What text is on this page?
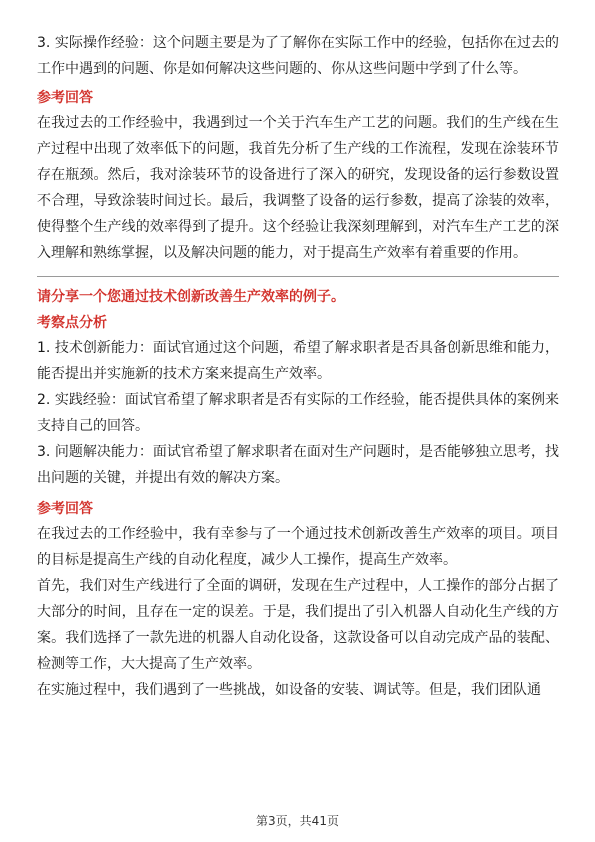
3. 实际操作经验：这个问题主要是为了了解你在实际工作中的经验，包括你在过去的工作中遇到的问题、你是如何解决这些问题的、你从这些问题中学到了什么等。

参考回答

在我过去的工作经验中，我遇到过一个关于汽车生产工艺的问题。我们的生产线在生产过程中出现了效率低下的问题，我首先分析了生产线的工作流程，发现在涂装环节存在瓶颈。然后，我对涂装环节的设备进行了深入的研究，发现设备的运行参数设置不合理，导致涂装时间过长。最后，我调整了设备的运行参数，提高了涂装的效率，使得整个生产线的效率得到了提升。这个经验让我深刻理解到，对汽车生产工艺的深入理解和熟练掌握，以及解决问题的能力，对于提高生产效率有着重要的作用。

请分享一个您通过技术创新改善生产效率的例子。

考察点分析

1. 技术创新能力：面试官通过这个问题，希望了解求职者是否具备创新思维和能力，能否提出并实施新的技术方案来提高生产效率。

2. 实践经验：面试官希望了解求职者是否有实际的工作经验，能否提供具体的案例来支持自己的回答。

3. 问题解决能力：面试官希望了解求职者在面对生产问题时，是否能够独立思考，找出问题的关键，并提出有效的解决方案。

参考回答

在我过去的工作经验中，我有幸参与了一个通过技术创新改善生产效率的项目。项目的目标是提高生产线的自动化程度，减少人工操作，提高生产效率。

首先，我们对生产线进行了全面的调研，发现在生产过程中，人工操作的部分占据了大部分的时间，且存在一定的误差。于是，我们提出了引入机器人自动化生产线的方案。我们选择了一款先进的机器人自动化设备，这款设备可以自动完成产品的装配、检测等工作，大大提高了生产效率。

在实施过程中，我们遇到了一些挑战，如设备的安装、调试等。但是，我们团队通

第3页，共41页
